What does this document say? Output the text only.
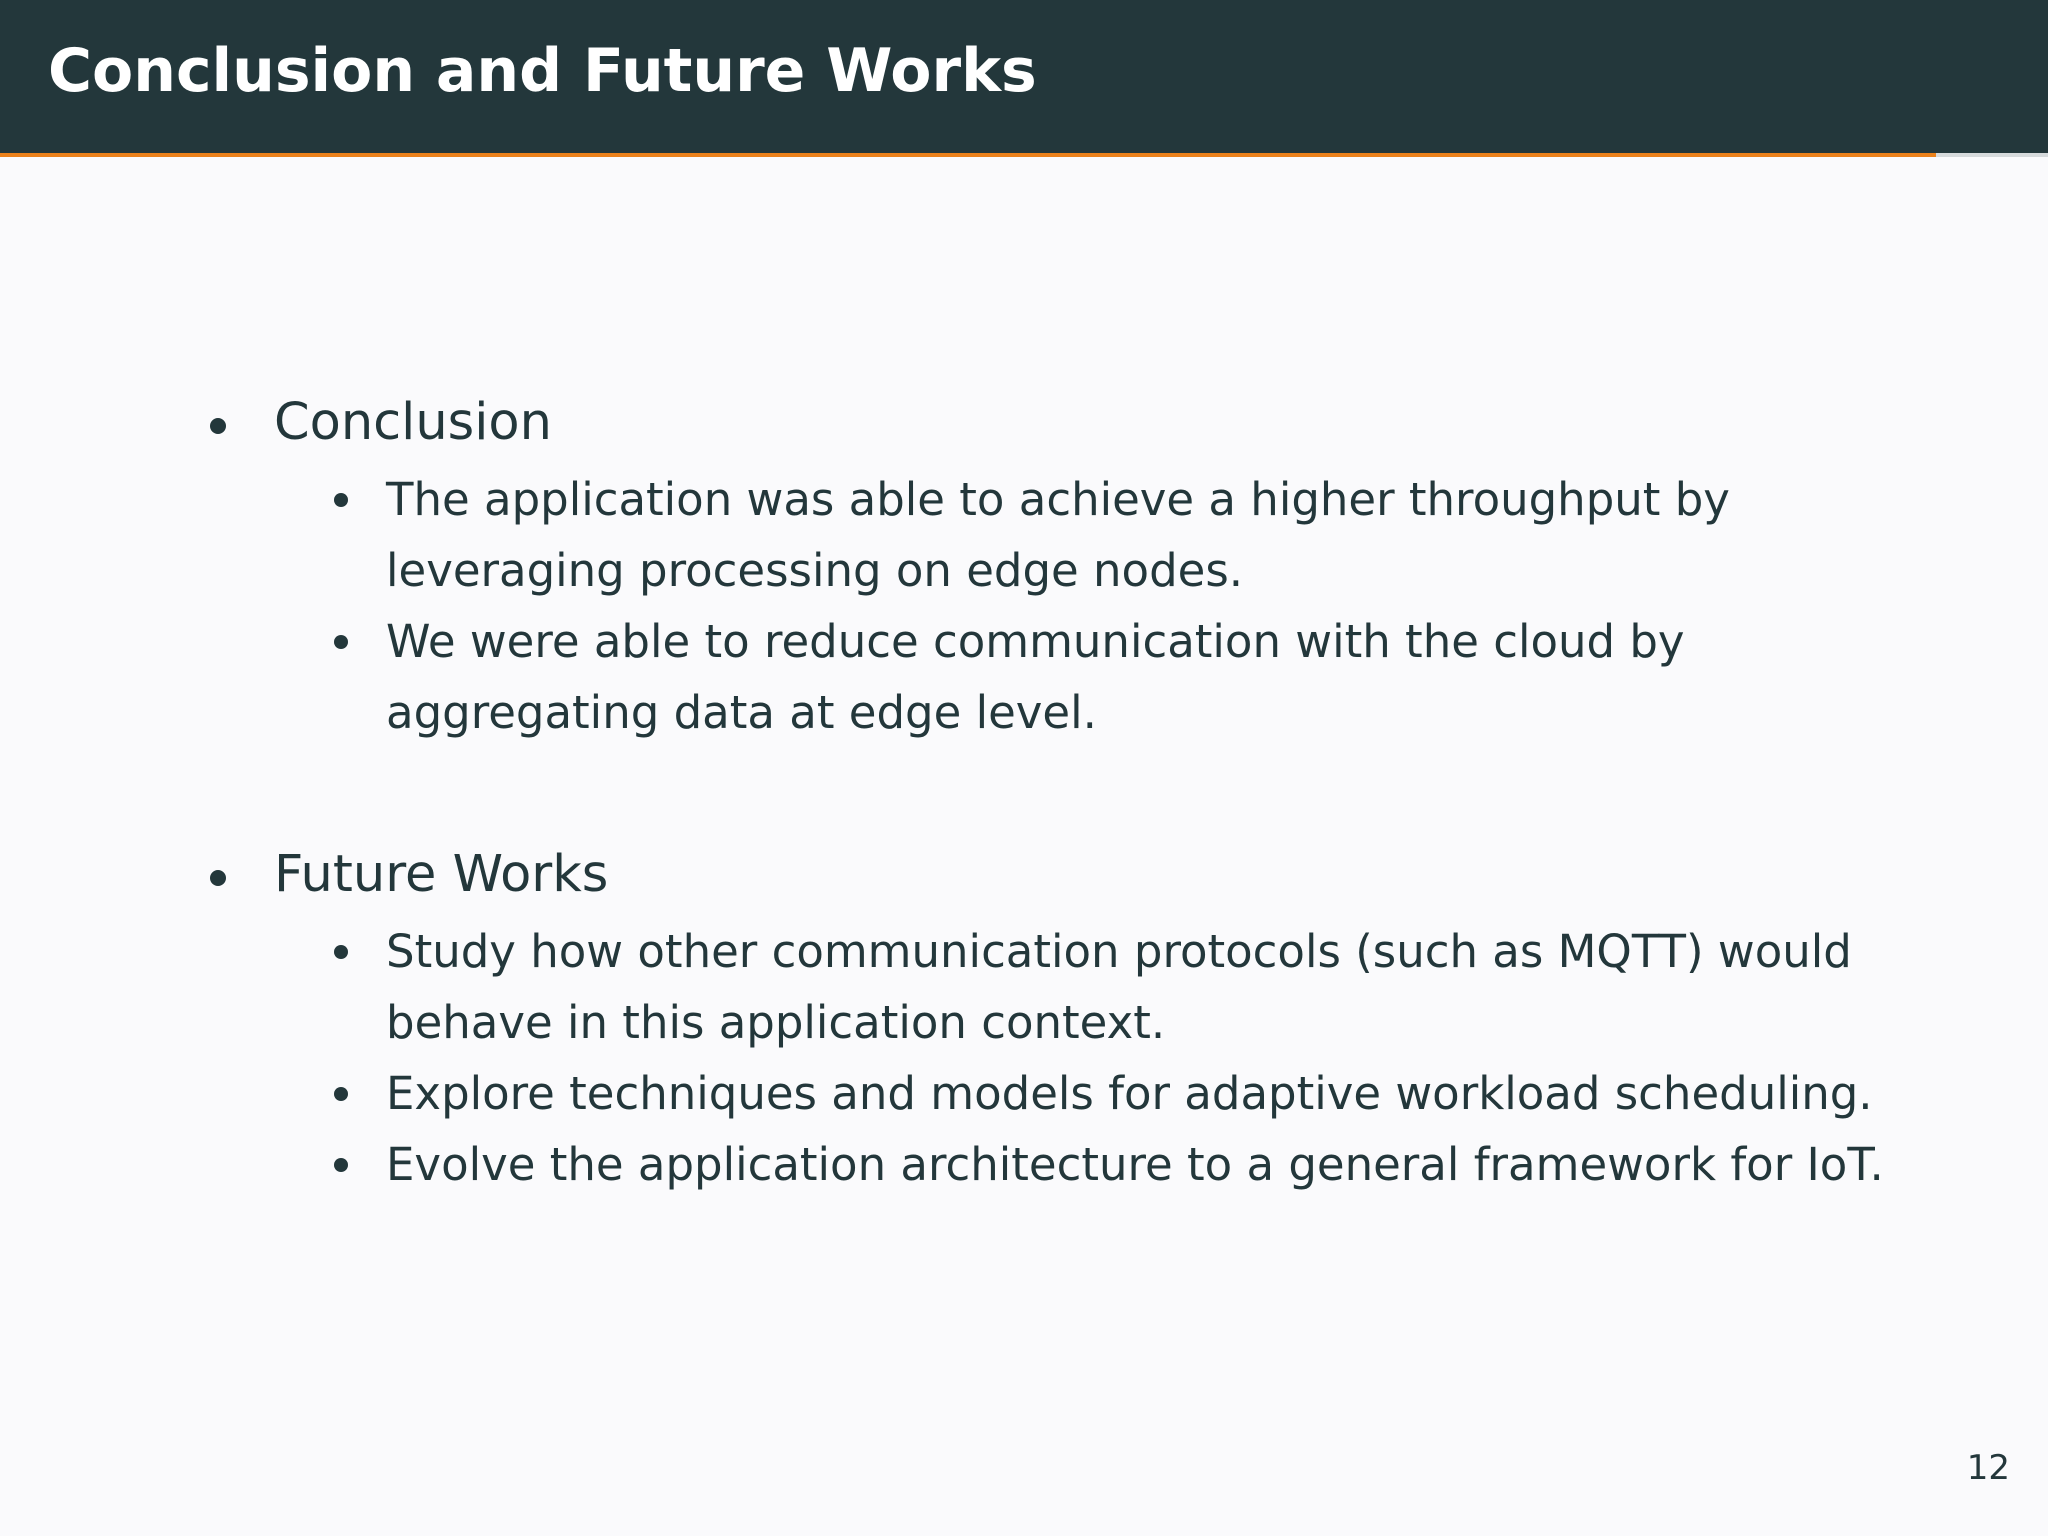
Conclusion and Future Works
Conclusion
The application was able to achieve a higher throughput by leveraging processing on edge nodes.
We were able to reduce communication with the cloud by aggregating data at edge level.
Future Works
Study how other communication protocols (such as MQTT) would behave in this application context.
Explore techniques and models for adaptive workload scheduling.
Evolve the application architecture to a general framework for IoT.
12
